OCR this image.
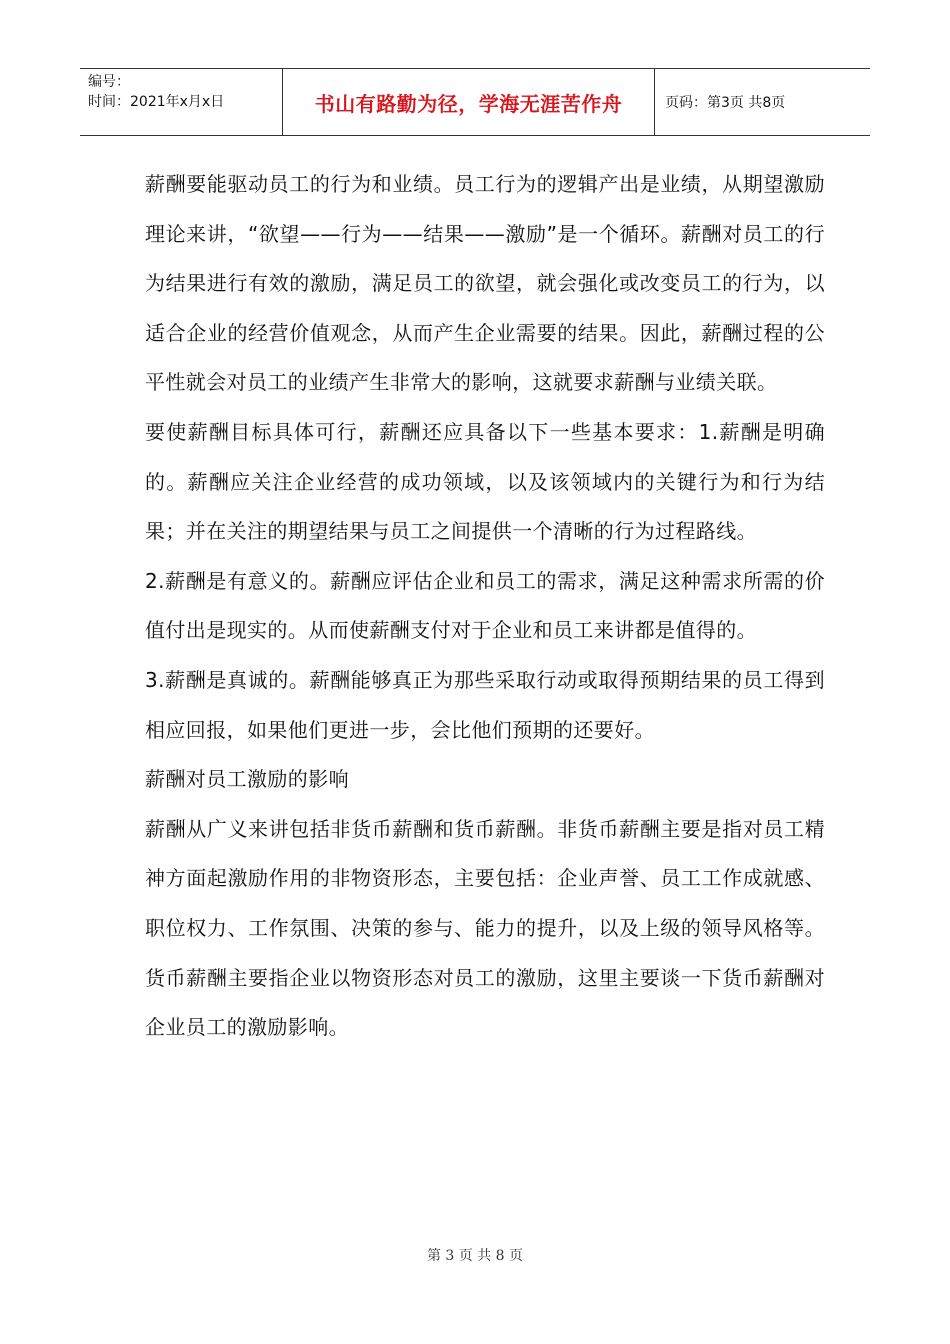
编号：
时间：2021年x月x日	书山有路勤为径，学海无涯苦作舟	页码：第3页 共8页

薪酬要能驱动员工的行为和业绩。员工行为的逻辑产出是业绩，从期望激励理论来讲，“欲望——行为——结果——激励”是一个循环。薪酬对员工的行为结果进行有效的激励，满足员工的欲望，就会强化或改变员工的行为，以适合企业的经营价值观念，从而产生企业需要的结果。因此，薪酬过程的公平性就会对员工的业绩产生非常大的影响，这就要求薪酬与业绩关联。

要使薪酬目标具体可行，薪酬还应具备以下一些基本要求：1.薪酬是明确的。薪酬应关注企业经营的成功领域，以及该领域内的关键行为和行为结果；并在关注的期望结果与员工之间提供一个清晰的行为过程路线。

2.薪酬是有意义的。薪酬应评估企业和员工的需求，满足这种需求所需的价值付出是现实的。从而使薪酬支付对于企业和员工来讲都是值得的。

3.薪酬是真诚的。薪酬能够真正为那些采取行动或取得预期结果的员工得到相应回报，如果他们更进一步，会比他们预期的还要好。

薪酬对员工激励的影响

薪酬从广义来讲包括非货币薪酬和货币薪酬。非货币薪酬主要是指对员工精神方面起激励作用的非物资形态，主要包括：企业声誉、员工工作成就感、职位权力、工作氛围、决策的参与、能力的提升，以及上级的领导风格等。货币薪酬主要指企业以物资形态对员工的激励，这里主要谈一下货币薪酬对企业员工的激励影响。

第 3 页 共 8 页
